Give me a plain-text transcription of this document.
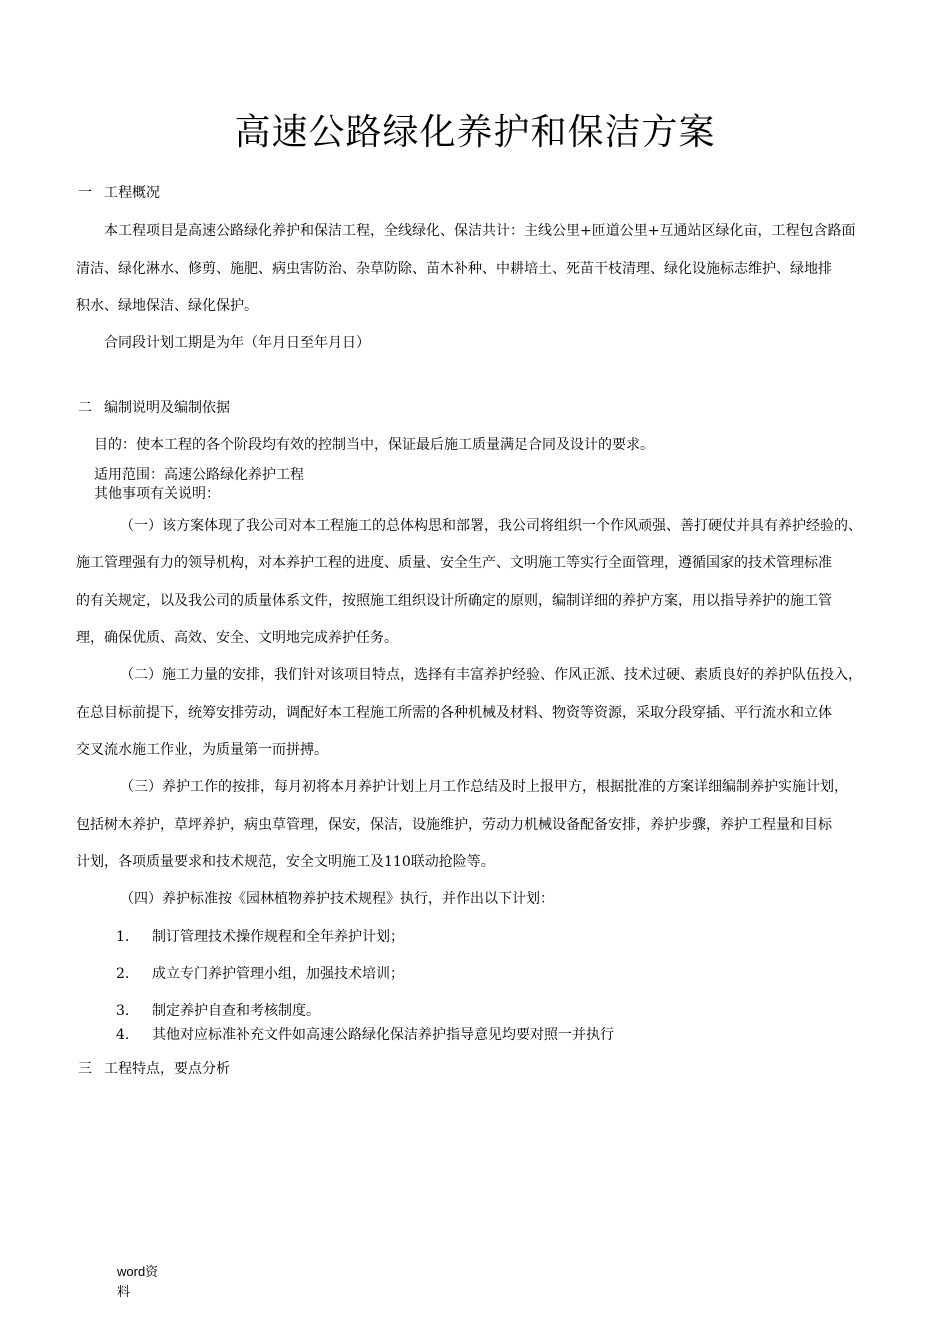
高速公路绿化养护和保洁方案
一 工程概况
本工程项目是高速公路绿化养护和保洁工程，全线绿化、保洁共计：主线公里+匝道公里+互通站区绿化亩，工程包含路面
清洁、绿化淋水、修剪、施肥、病虫害防治、杂草防除、苗木补种、中耕培土、死苗干枝清理、绿化设施标志维护、绿地排
积水、绿地保洁、绿化保护。
合同段计划工期是为年（年月日至年月日）
二 编制说明及编制依据
目的：使本工程的各个阶段均有效的控制当中，保证最后施工质量满足合同及设计的要求。
适用范围：高速公路绿化养护工程
其他事项有关说明：
（一）该方案体现了我公司对本工程施工的总体构思和部署，我公司将组织一个作风顽强、善打硬仗并具有养护经验的、
施工管理强有力的领导机构，对本养护工程的进度、质量、安全生产、文明施工等实行全面管理，遵循国家的技术管理标准
的有关规定，以及我公司的质量体系文件，按照施工组织设计所确定的原则，编制详细的养护方案，用以指导养护的施工管
理，确保优质、高效、安全、文明地完成养护任务。
（二）施工力量的安排，我们针对该项目特点，选择有丰富养护经验、作风正派、技术过硬、素质良好的养护队伍投入，
在总目标前提下，统筹安排劳动，调配好本工程施工所需的各种机械及材料、物资等资源，采取分段穿插、平行流水和立体
交叉流水施工作业，为质量第一而拼搏。
（三）养护工作的按排，每月初将本月养护计划上月工作总结及时上报甲方，根据批准的方案详细编制养护实施计划，
包括树木养护，草坪养护，病虫草管理，保安，保洁，设施维护，劳动力机械设备配备安排，养护步骤，养护工程量和目标
计划，各项质量要求和技术规范，安全文明施工及110联动抢险等。
（四）养护标准按《园林植物养护技术规程》执行，并作出以下计划：
1. 制订管理技术操作规程和全年养护计划；
2. 成立专门养护管理小组，加强技术培训；
3. 制定养护自查和考核制度。
4. 其他对应标准补充文件如高速公路绿化保洁养护指导意见均要对照一并执行
三 工程特点，要点分析
word资
料
